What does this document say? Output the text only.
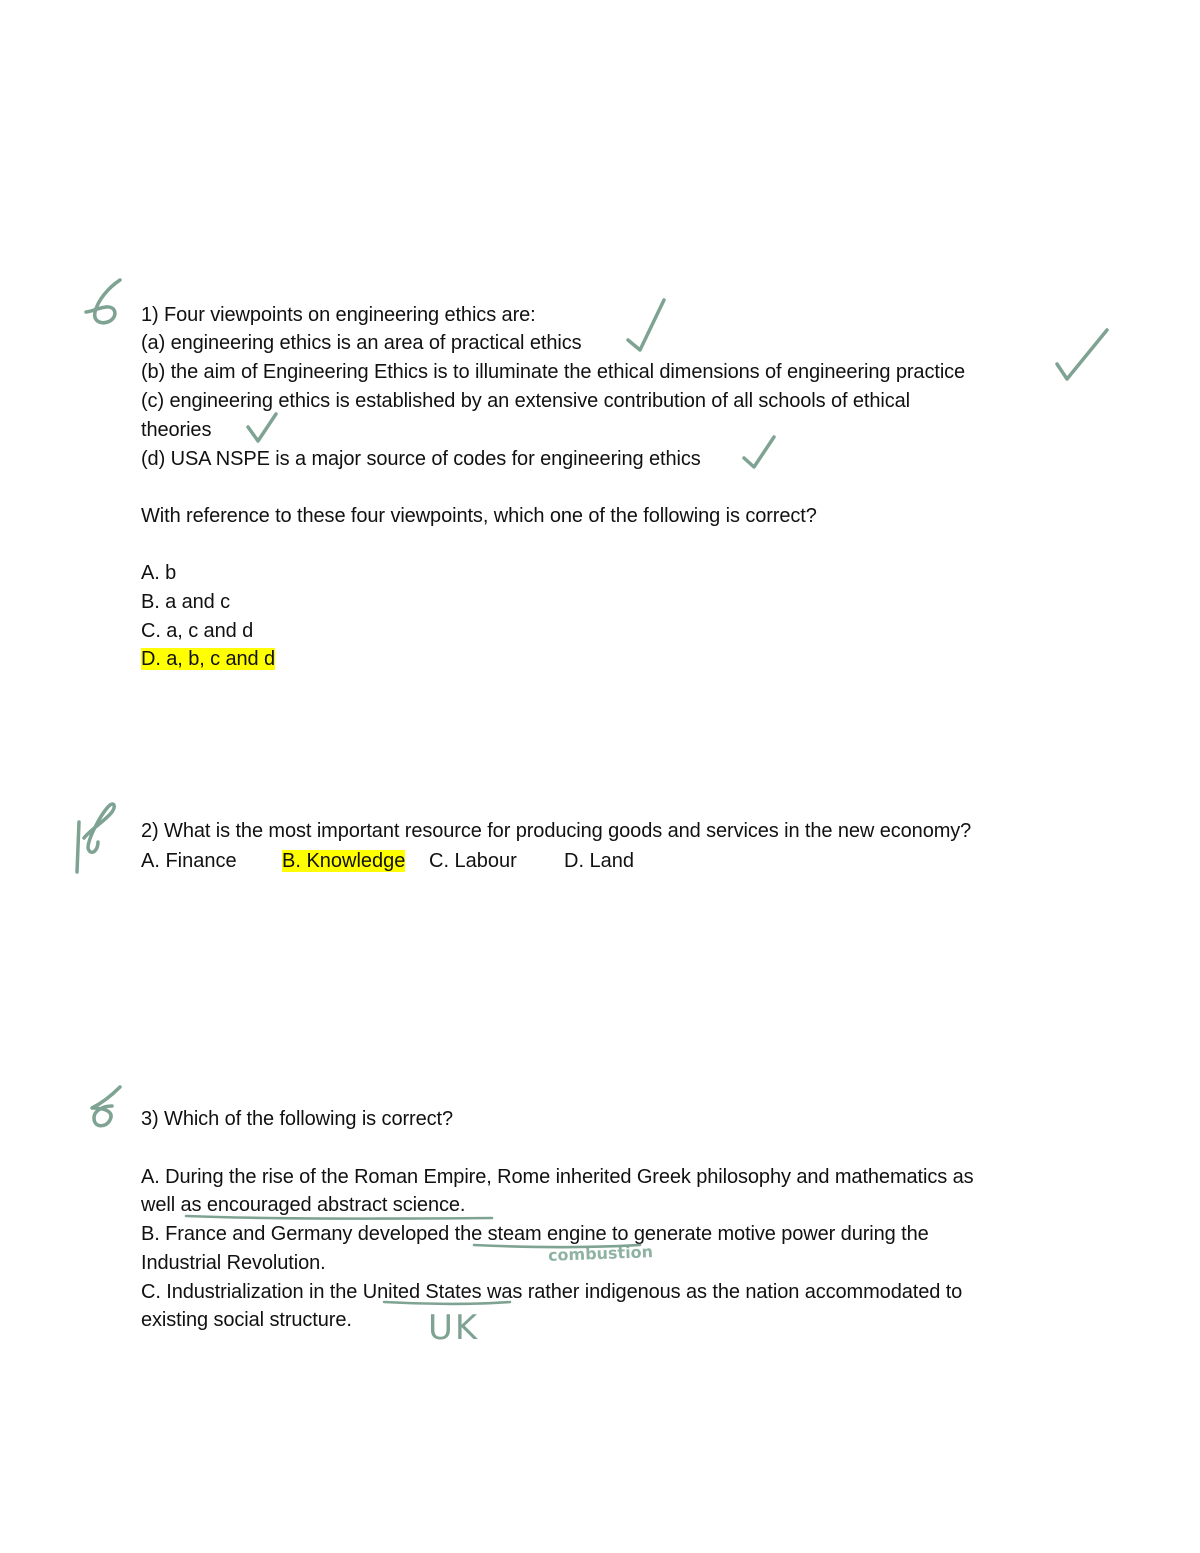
1) Four viewpoints on engineering ethics are:
(a) engineering ethics is an area of practical ethics
(b) the aim of Engineering Ethics is to illuminate the ethical dimensions of engineering practice
(c) engineering ethics is established by an extensive contribution of all schools of ethical
theories
(d) USA NSPE is a major source of codes for engineering ethics
With reference to these four viewpoints, which one of the following is correct?
A. b
B. a and c
C. a, c and d
D. a, b, c and d
2) What is the most important resource for producing goods and services in the new economy?
A. Finance B. Knowledge C. Labour D. Land
3) Which of the following is correct?
A. During the rise of the Roman Empire, Rome inherited Greek philosophy and mathematics as
well as encouraged abstract science.
B. France and Germany developed the steam engine to generate motive power during the
Industrial Revolution.
C. Industrialization in the United States was rather indigenous as the nation accommodated to
existing social structure.
combustion
UK
